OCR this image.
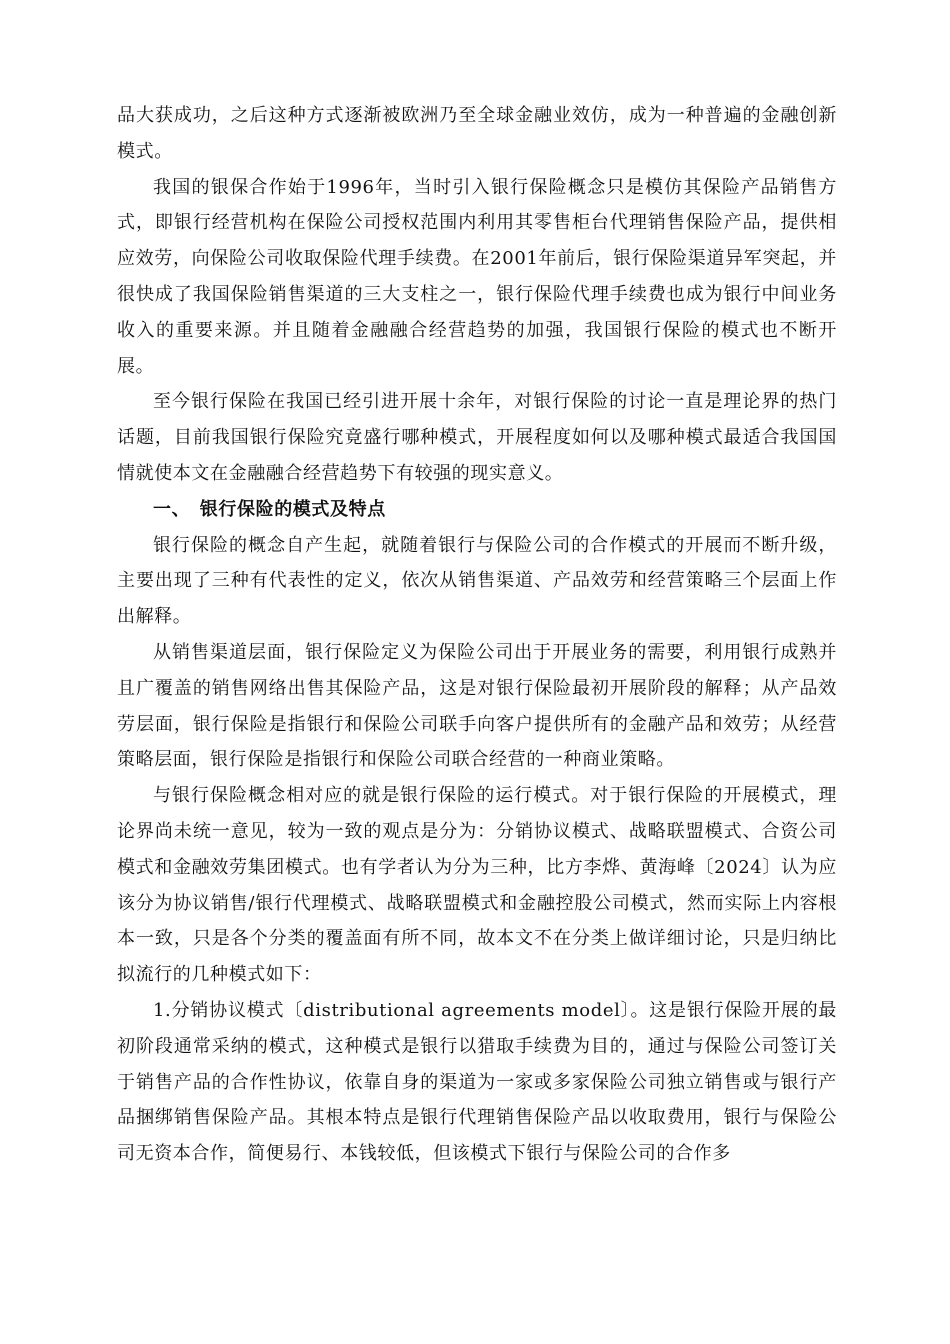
品大获成功，之后这种方式逐渐被欧洲乃至全球金融业效仿，成为一种普遍的金融创新模式。

我国的银保合作始于1996年，当时引入银行保险概念只是模仿其保险产品销售方式，即银行经营机构在保险公司授权范围内利用其零售柜台代理销售保险产品，提供相应效劳，向保险公司收取保险代理手续费。在2001年前后，银行保险渠道异军突起，并很快成了我国保险销售渠道的三大支柱之一，银行保险代理手续费也成为银行中间业务收入的重要来源。并且随着金融融合经营趋势的加强，我国银行保险的模式也不断开展。

至今银行保险在我国已经引进开展十余年，对银行保险的讨论一直是理论界的热门话题，目前我国银行保险究竟盛行哪种模式，开展程度如何以及哪种模式最适合我国国情就使本文在金融融合经营趋势下有较强的现实意义。

一、　银行保险的模式及特点

银行保险的概念自产生起，就随着银行与保险公司的合作模式的开展而不断升级，主要出现了三种有代表性的定义，依次从销售渠道、产品效劳和经营策略三个层面上作出解释。

从销售渠道层面，银行保险定义为保险公司出于开展业务的需要，利用银行成熟并且广覆盖的销售网络出售其保险产品，这是对银行保险最初开展阶段的解释；从产品效劳层面，银行保险是指银行和保险公司联手向客户提供所有的金融产品和效劳；从经营策略层面，银行保险是指银行和保险公司联合经营的一种商业策略。

与银行保险概念相对应的就是银行保险的运行模式。对于银行保险的开展模式，理论界尚未统一意见，较为一致的观点是分为：分销协议模式、战略联盟模式、合资公司模式和金融效劳集团模式。也有学者认为分为三种，比方李烨、黄海峰〔2024〕认为应该分为协议销售/银行代理模式、战略联盟模式和金融控股公司模式，然而实际上内容根本一致，只是各个分类的覆盖面有所不同，故本文不在分类上做详细讨论，只是归纳比拟流行的几种模式如下：

1.分销协议模式〔distributional agreements model〕。这是银行保险开展的最初阶段通常采纳的模式，这种模式是银行以猎取手续费为目的，通过与保险公司签订关于销售产品的合作性协议，依靠自身的渠道为一家或多家保险公司独立销售或与银行产品捆绑销售保险产品。其根本特点是银行代理销售保险产品以收取费用，银行与保险公司无资本合作，简便易行、本钱较低，但该模式下银行与保险公司的合作多
